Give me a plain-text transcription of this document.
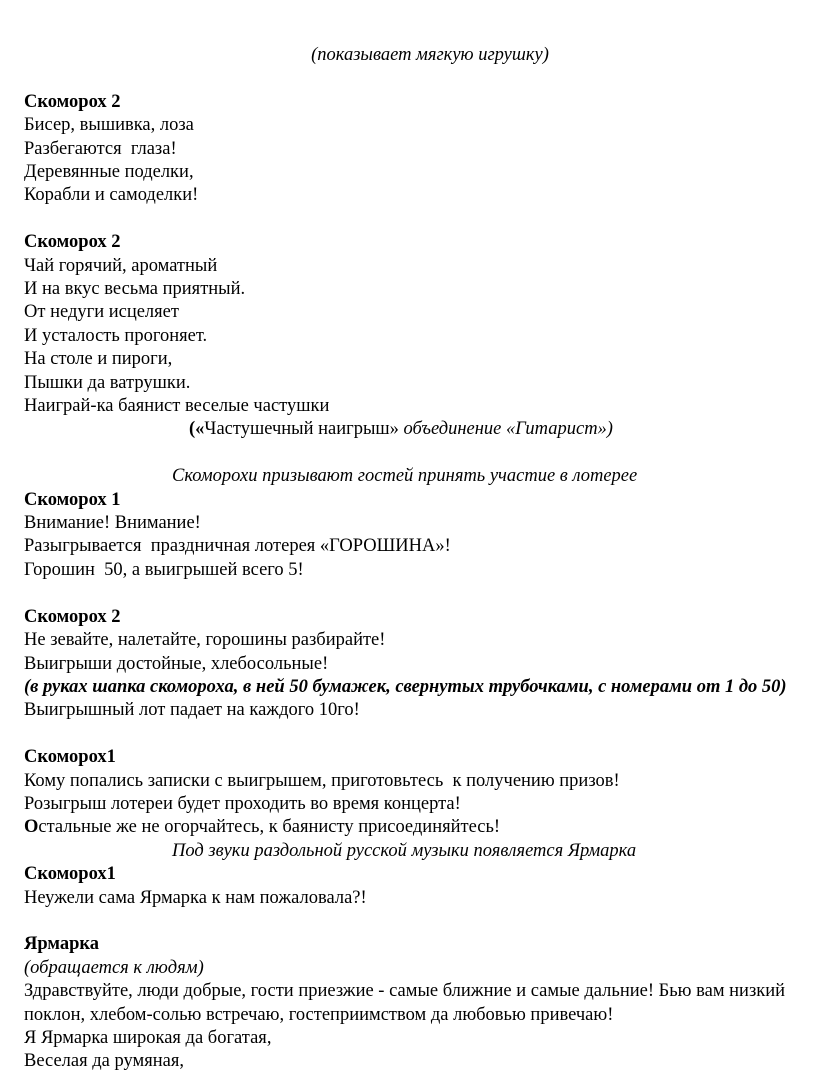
(показывает мягкую игрушку)
Скоморох 2
Бисер, вышивка, лоза
Разбегаются  глаза!
Деревянные поделки,
Корабли и самоделки!
Скоморох 2
Чай горячий, ароматный
И на вкус весьма приятный.
От недуги исцеляет
И усталость прогоняет.
На столе и пироги,
Пышки да ватрушки.
Наиграй-ка баянист веселые частушки
(«Частушечный наигрыш» объединение «Гитарист»)
Скоморохи призывают гостей принять участие в лотерее
Скоморох 1
Внимание! Внимание!
Разыгрывается  праздничная лотерея «ГОРОШИНА»!
Горошин  50, а выигрышей всего 5!
Скоморох 2
Не зевайте, налетайте, горошины разбирайте!
Выигрыши достойные, хлебосольные!
(в руках шапка скомороха, в ней 50 бумажек, свернутых трубочками, с номерами от 1 до 50)
Выигрышный лот падает на каждого 10го!
Скоморох1
Кому попались записки с выигрышем, приготовьтесь  к получению призов!
Розыгрыш лотереи будет проходить во время концерта!
Остальные же не огорчайтесь, к баянисту присоединяйтесь!
Под звуки раздольной русской музыки появляется Ярмарка
Скоморох1
Неужели сама Ярмарка к нам пожаловала?!
Ярмарка
(обращается к людям)
Здравствуйте, люди добрые, гости приезжие - самые ближние и самые дальние! Бью вам низкий поклон, хлебом-солью встречаю, гостеприимством да любовью привечаю!
Я Ярмарка широкая да богатая,
Веселая да румяная,
